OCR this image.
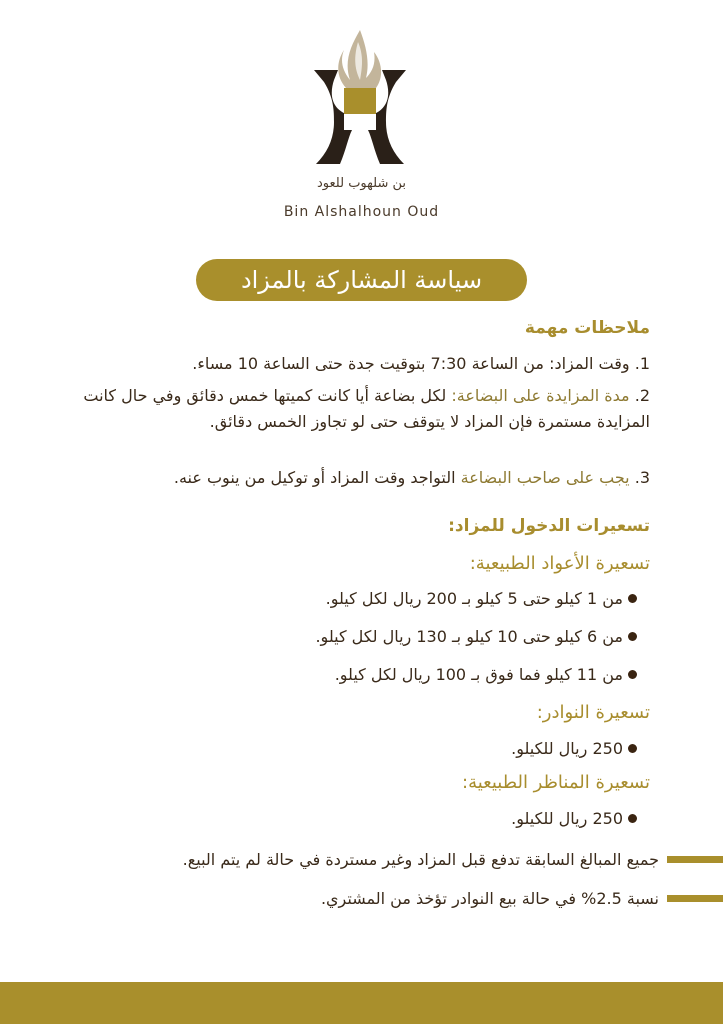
بن شلهوب للعود
Bin Alshalhoun Oud
سياسة المشاركة بالمزاد
ملاحظات مهمة
1. وقت المزاد: من الساعة 7:30 بتوقيت جدة حتى الساعة 10 مساء.
2. مدة المزايدة على البضاعة: لكل بضاعة أيا كانت كميتها خمس دقائق وفي حال كانت المزايدة مستمرة فإن المزاد لا يتوقف حتى لو تجاوز الخمس دقائق.
3. يجب على صاحب البضاعة التواجد وقت المزاد أو توكيل من ينوب عنه.
تسعيرات الدخول للمزاد:
تسعيرة الأعواد الطبيعية:
من 1 كيلو حتى 5 كيلو بـ 200 ريال لكل كيلو.
من 6 كيلو حتى 10 كيلو بـ 130 ريال لكل كيلو.
من 11 كيلو فما فوق بـ 100 ريال لكل كيلو.
تسعيرة النوادر:
250 ريال للكيلو.
تسعيرة المناظر الطبيعية:
250 ريال للكيلو.
جميع المبالغ السابقة تدفع قبل المزاد وغير مستردة في حالة لم يتم البيع.
نسبة 2.5% في حالة بيع النوادر تؤخذ من المشتري.
